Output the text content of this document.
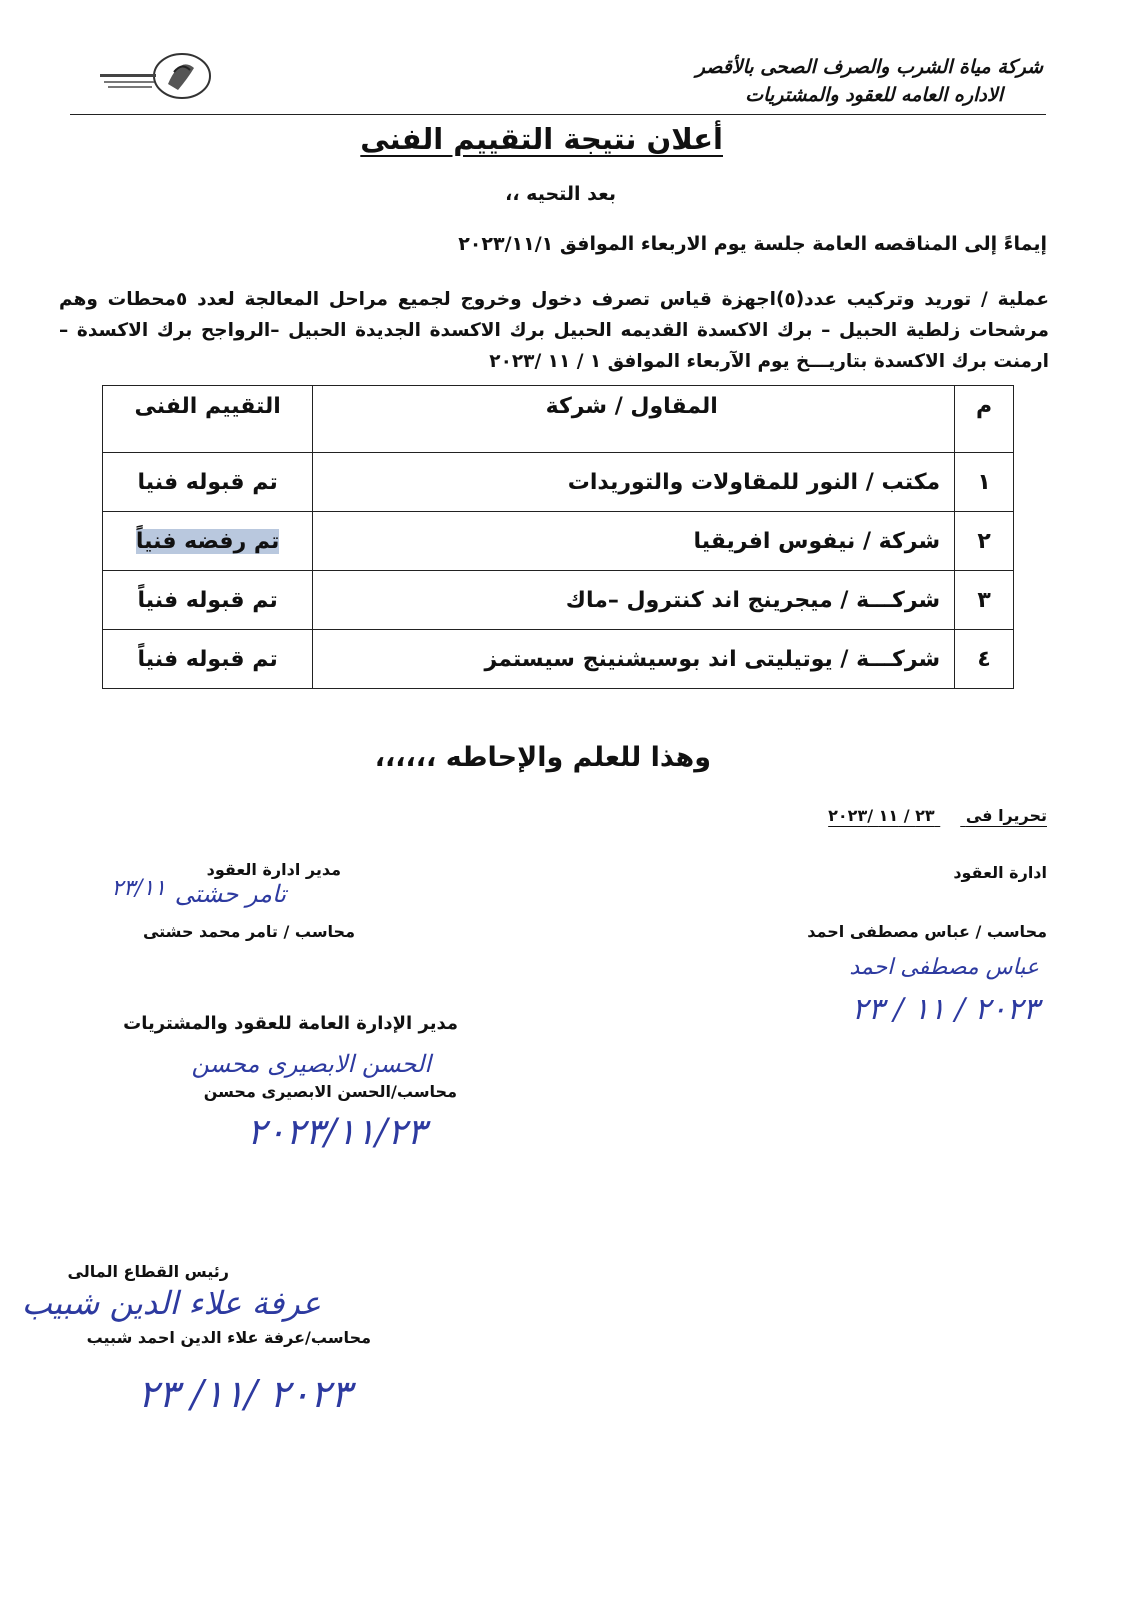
شركة مياة الشرب والصرف الصحى بالأقصر
الاداره العامه للعقود والمشتريات
أعلان نتيجة التقييم الفنى
بعد التحيه ،،
إيماءً إلى المناقصه العامة جلسة يوم الاربعاء الموافق ٢٠٢٣/١١/١
عملية / توريد وتركيب عدد(٥)اجهزة قياس تصرف دخول وخروج لجميع مراحل المعالجة لعدد ٥محطات وهم مرشحات زلطية الحبيل – برك الاكسدة القديمه الحبيل برك الاكسدة الجديدة الحبيل –الرواجح برك الاكسدة –ارمنت برك الاكسدة بتاريـــخ يوم الآربعاء الموافق ١ / ١١ /٢٠٢٣
م	المقاول / شركة	التقييم الفنى
١	مكتب / النور للمقاولات والتوريدات	تم قبوله فنيا
٢	شركة / نيفوس افريقيا	تم رفضه فنياً
٣	شركـــة / ميجرينج اند كنترول –ماك	تم قبوله فنياً
٤	شركـــة / يوتيليتى اند بوسيشنينج سيستمز	تم قبوله فنياً
وهذا للعلم والإحاطه ،،،،،،
تحريرا فى  ٢٣ / ١١ /٢٠٢٣
ادارة العقود
محاسب / عباس مصطفى احمد
عباس مصطفى احمد
٢٠٢٣ / ١١ / ٢٣
مدير ادارة العقود
تامر حشتى
٢٣/١١
محاسب / تامر محمد حشتى
مدير الإدارة العامة للعقود والمشتريات
الحسن الابصيرى محسن
محاسب/الحسن الابصيرى محسن
٢٠٢٣/١١/٢٣
رئيس القطاع المالى
عرفة علاء الدين شبيب
محاسب/عرفة علاء الدين احمد شبيب
٢٠٢٣ /١١/ ٢٣
